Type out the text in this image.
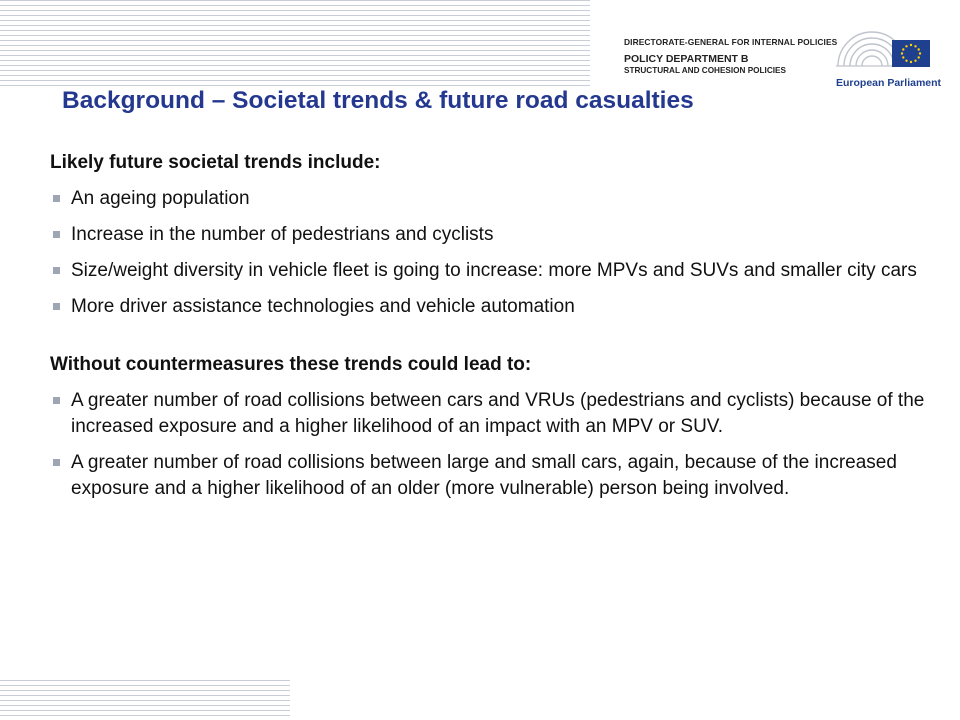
DIRECTORATE-GENERAL FOR INTERNAL POLICIES
POLICY DEPARTMENT B
STRUCTURAL AND COHESION POLICIES
European Parliament
Background – Societal trends & future road casualties
Likely future societal trends include:
An ageing population
Increase in the number of pedestrians and cyclists
Size/weight diversity in vehicle fleet is going to increase: more MPVs and SUVs and smaller city cars
More driver assistance technologies and vehicle automation
Without countermeasures these trends could lead to:
A greater number of road collisions between cars and VRUs (pedestrians and cyclists) because of the increased exposure and a higher likelihood of an impact with an MPV or SUV.
A greater number of road collisions between large and small cars, again, because of the increased exposure and a higher likelihood of an older (more vulnerable) person being involved.
